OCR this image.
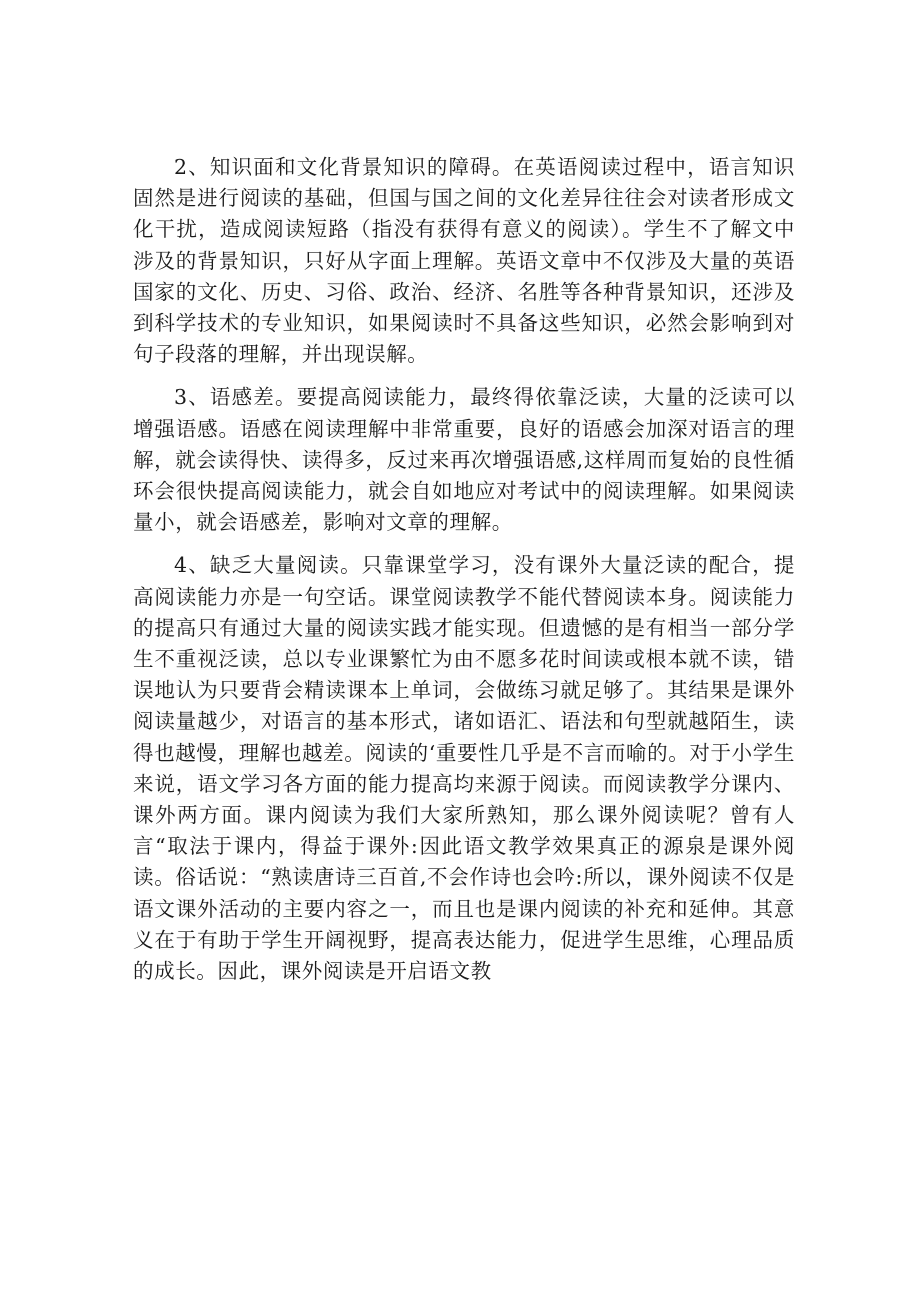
2、知识面和文化背景知识的障碍。在英语阅读过程中，语言知识固然是进行阅读的基础，但国与国之间的文化差异往往会对读者形成文化干扰，造成阅读短路（指没有获得有意义的阅读）。学生不了解文中涉及的背景知识，只好从字面上理解。英语文章中不仅涉及大量的英语国家的文化、历史、习俗、政治、经济、名胜等各种背景知识，还涉及到科学技术的专业知识，如果阅读时不具备这些知识，必然会影响到对句子段落的理解，并出现误解。

3、语感差。要提高阅读能力，最终得依靠泛读，大量的泛读可以增强语感。语感在阅读理解中非常重要，良好的语感会加深对语言的理解，就会读得快、读得多，反过来再次增强语感,这样周而复始的良性循环会很快提高阅读能力，就会自如地应对考试中的阅读理解。如果阅读量小，就会语感差，影响对文章的理解。

4、缺乏大量阅读。只靠课堂学习，没有课外大量泛读的配合，提高阅读能力亦是一句空话。课堂阅读教学不能代替阅读本身。阅读能力的提高只有通过大量的阅读实践才能实现。但遗憾的是有相当一部分学生不重视泛读，总以专业课繁忙为由不愿多花时间读或根本就不读，错误地认为只要背会精读课本上单词，会做练习就足够了。其结果是课外阅读量越少，对语言的基本形式，诸如语汇、语法和句型就越陌生，读得也越慢，理解也越差。阅读的‘重要性几乎是不言而喻的。对于小学生来说，语文学习各方面的能力提高均来源于阅读。而阅读教学分课内、课外两方面。课内阅读为我们大家所熟知，那么课外阅读呢？曾有人言“取法于课内，得益于课外:因此语文教学效果真正的源泉是课外阅读。俗话说：“熟读唐诗三百首,不会作诗也会吟:所以，课外阅读不仅是语文课外活动的主要内容之一，而且也是课内阅读的补充和延伸。其意义在于有助于学生开阔视野，提高表达能力，促进学生思维，心理品质的成长。因此，课外阅读是开启语文教
